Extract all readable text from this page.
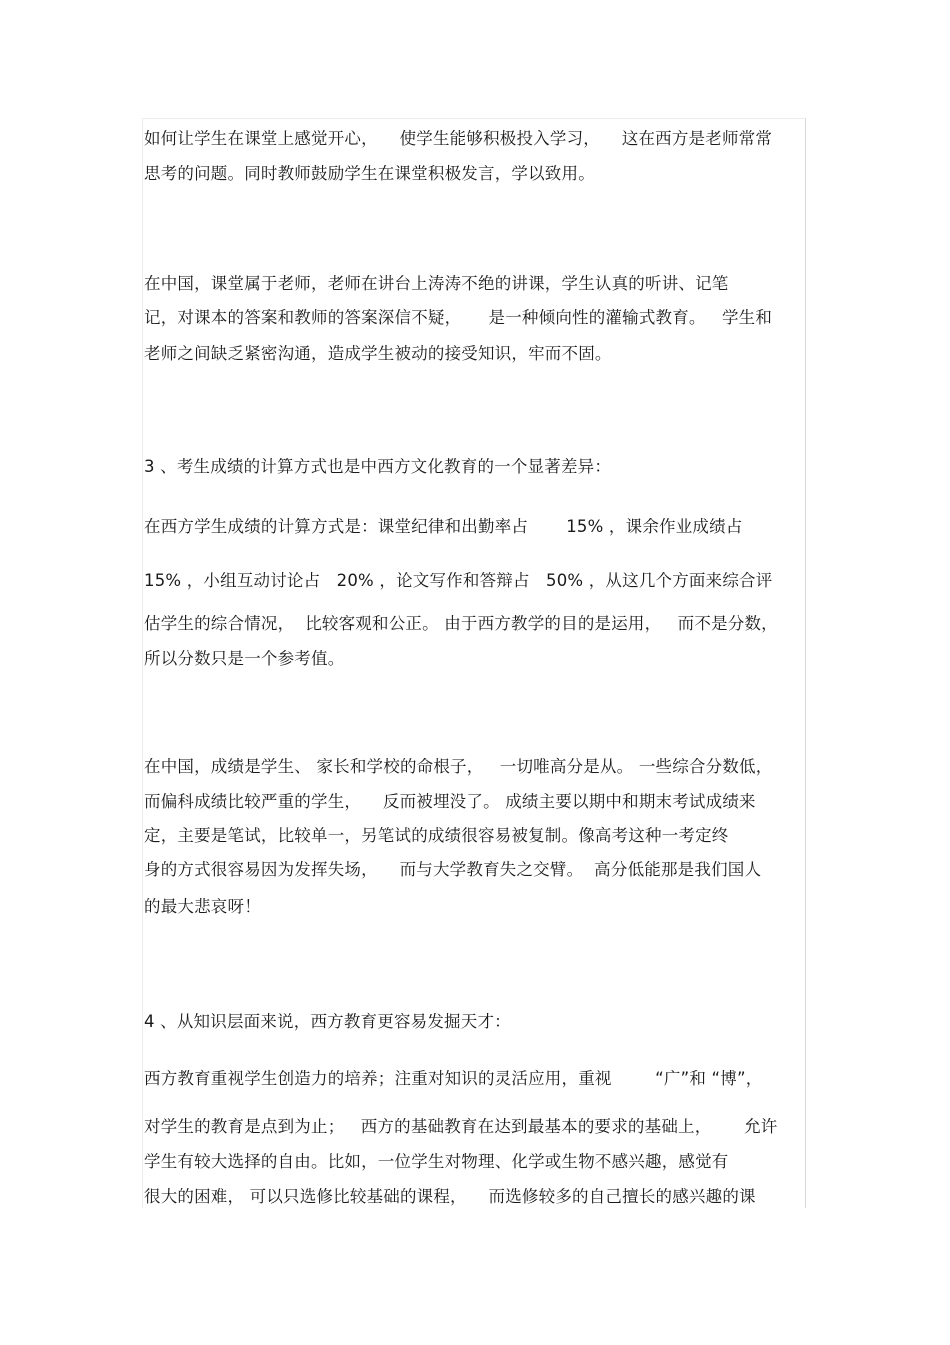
如何让学生在课堂上感觉开心，    使学生能够积极投入学习，    这在西方是老师常常
思考的问题。同时教师鼓励学生在课堂积极发言，学以致用。
在中国，课堂属于老师，老师在讲台上涛涛不绝的讲课，学生认真的听讲、记笔
记，对课本的答案和教师的答案深信不疑，     是一种倾向性的灌输式教育。   学生和
老师之间缺乏紧密沟通，造成学生被动的接受知识，牢而不固。
3 、考生成绩的计算方式也是中西方文化教育的一个显著差异：
在西方学生成绩的计算方式是：课堂纪律和出勤率占       15% ，课余作业成绩占
15% ，小组互动讨论占   20% ，论文写作和答辩占   50% ，从这几个方面来综合评
估学生的综合情况，  比较客观和公正。 由于西方教学的目的是运用，   而不是分数，
所以分数只是一个参考值。
在中国，成绩是学生、 家长和学校的命根子，   一切唯高分是从。 一些综合分数低，
而偏科成绩比较严重的学生，    反而被埋没了。 成绩主要以期中和期末考试成绩来
定，主要是笔试，比较单一，另笔试的成绩很容易被复制。像高考这种一考定终
身的方式很容易因为发挥失场，    而与大学教育失之交臂。  高分低能那是我们国人
的最大悲哀呀！
4 、从知识层面来说，西方教育更容易发掘天才：
西方教育重视学生创造力的培养；注重对知识的灵活应用，重视        “广”和 “博”，
对学生的教育是点到为止；   西方的基础教育在达到最基本的要求的基础上，      允许
学生有较大选择的自由。比如，一位学生对物理、化学或生物不感兴趣，感觉有
很大的困难， 可以只选修比较基础的课程，    而选修较多的自己擅长的感兴趣的课
